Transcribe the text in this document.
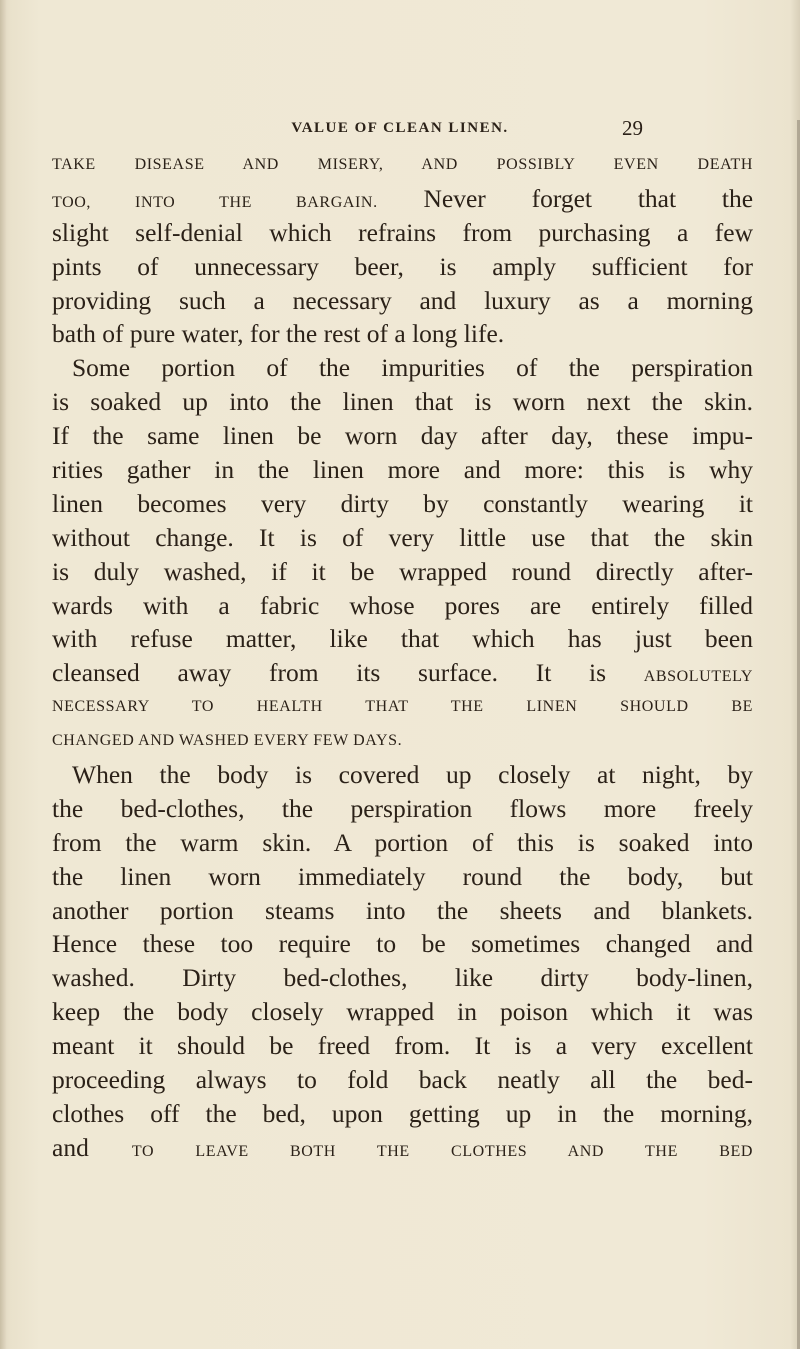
VALUE OF CLEAN LINEN.	29
TAKE DISEASE AND MISERY, AND POSSIBLY EVEN DEATH
TOO, INTO THE BARGAIN. Never forget that the
slight self-denial which refrains from purchasing a few
pints of unnecessary beer, is amply sufficient for
providing such a necessary and luxury as a morning
bath of pure water, for the rest of a long life.
Some portion of the impurities of the perspiration
is soaked up into the linen that is worn next the skin.
If the same linen be worn day after day, these impu-
rities gather in the linen more and more: this is why
linen becomes very dirty by constantly wearing it
without change. It is of very little use that the skin
is duly washed, if it be wrapped round directly after-
wards with a fabric whose pores are entirely filled
with refuse matter, like that which has just been
cleansed away from its surface. It is ABSOLUTELY
NECESSARY TO HEALTH THAT THE LINEN SHOULD BE
CHANGED AND WASHED EVERY FEW DAYS.
When the body is covered up closely at night, by
the bed-clothes, the perspiration flows more freely
from the warm skin. A portion of this is soaked into
the linen worn immediately round the body, but
another portion steams into the sheets and blankets.
Hence these too require to be sometimes changed and
washed. Dirty bed-clothes, like dirty body-linen,
keep the body closely wrapped in poison which it was
meant it should be freed from. It is a very excellent
proceeding always to fold back neatly all the bed-
clothes off the bed, upon getting up in the morning,
and TO LEAVE BOTH THE CLOTHES AND THE BED
